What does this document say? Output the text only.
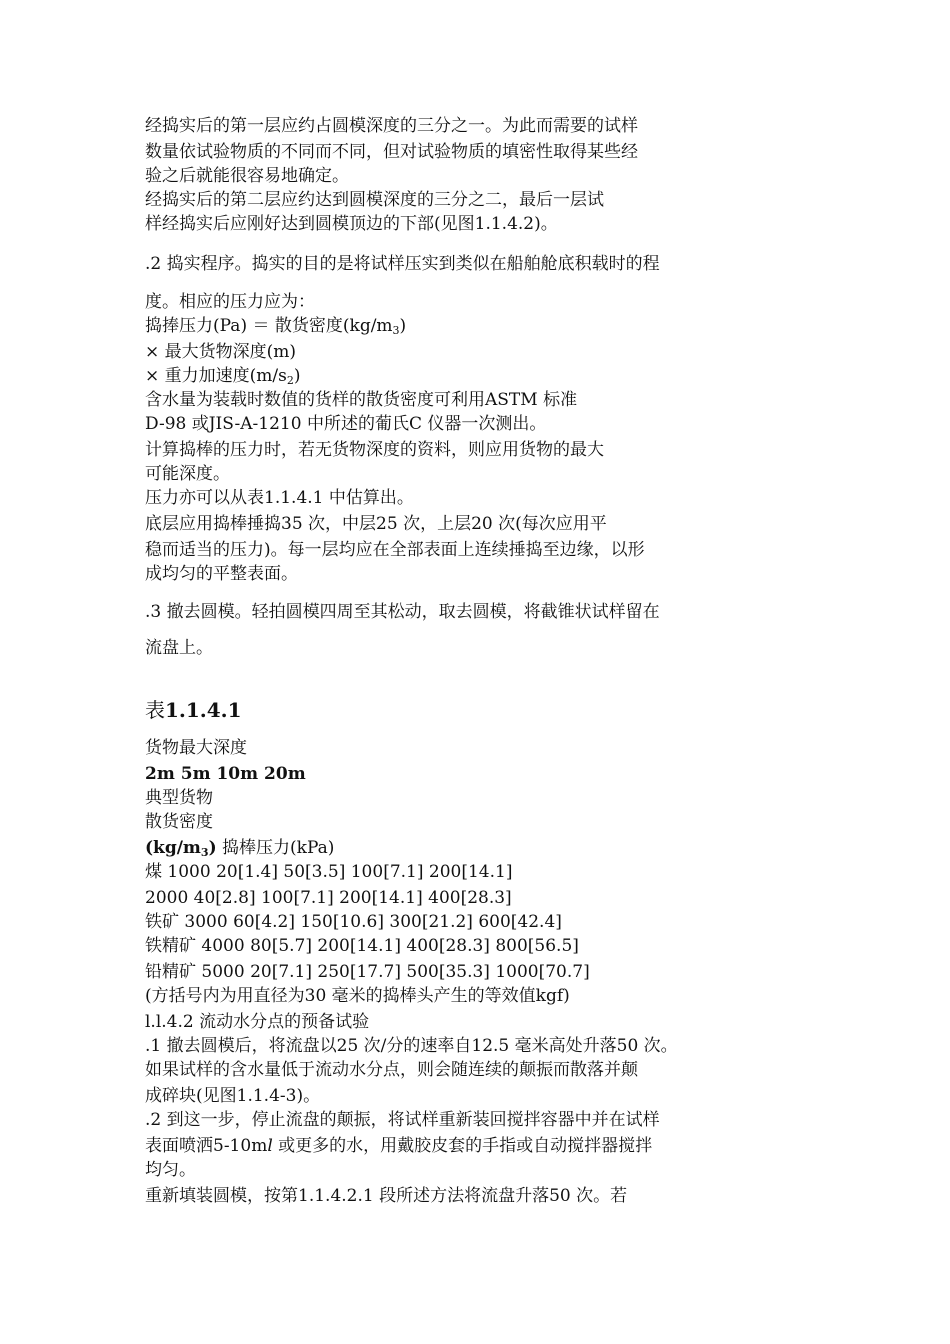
经捣实后的第一层应约占圆模深度的三分之一。为此而需要的试样

数量依试验物质的不同而不同，但对试验物质的填密性取得某些经

验之后就能很容易地确定。

经捣实后的第二层应约达到圆模深度的三分之二，最后一层试

样经捣实后应刚好达到圆模顶边的下部(见图1.1.4.2)。

.2 捣实程序。捣实的目的是将试样压实到类似在船舶舱底积载时的程

度。相应的压力应为：

捣捧压力(Pa) ＝ 散货密度$(kg/m_3)$

× 最大货物深度(m)

× 重力加速度$(m/s_2)$

含水量为装载时数值的货样的散货密度可利用ASTM 标准

D-98 或JIS-A-1210 中所述的葡氏C 仪器一次测出。

计算捣棒的压力时，若无货物深度的资料，则应用货物的最大

可能深度。

压力亦可以从表1.1.4.1 中估算出。

底层应用捣棒捶捣35 次，中层25 次，上层20 次(每次应用平

稳而适当的压力)。每一层均应在全部表面上连续捶捣至边缘，以形

成均匀的平整表面。

.3 撤去圆模。轻拍圆模四周至其松动，取去圆模，将截锥状试样留在

流盘上。

表1.1.4.1

货物最大深度

2m 5m 10m 20m

典型货物

散货密度

$(kg/m_3)$ 捣棒压力(kPa)

煤 1000 20[1.4] 50[3.5] 100[7.1] 200[14.1]

2000 40[2.8] 100[7.1] 200[14.1] 400[28.3]

铁矿 3000 60[4.2] 150[10.6] 300[21.2] 600[42.4]

铁精矿 4000 80[5.7] 200[14.1] 400[28.3] 800[56.5]

铅精矿 5000 20[7.1] 250[17.7] 500[35.3] 1000[70.7]

(方括号内为用直径为30 毫米的捣棒头产生的等效值kgf)

l.l.4.2 流动水分点的预备试验

.1 撤去圆模后，将流盘以25 次/分的速率自12.5 毫米高处升落50 次。

如果试样的含水量低于流动水分点，则会随连续的颠振而散落并颠

成碎块(见图1.1.4-3)。

.2 到这一步，停止流盘的颠振，将试样重新装回搅拌容器中并在试样

表面喷洒5-10ml 或更多的水，用戴胶皮套的手指或自动搅拌器搅拌

均匀。

重新填装圆模，按第1.1.4.2.1 段所述方法将流盘升落50 次。若
